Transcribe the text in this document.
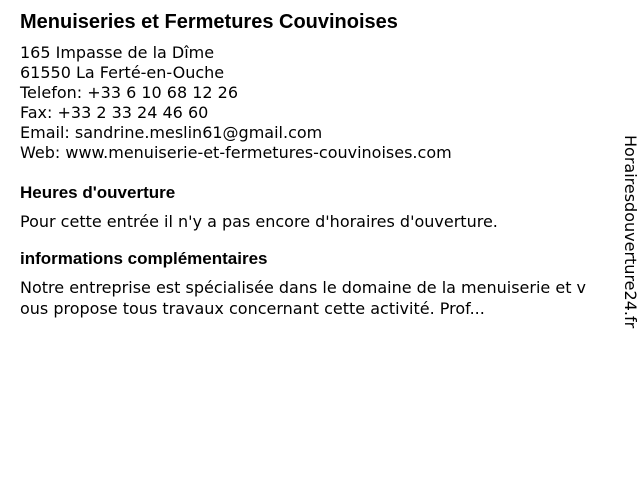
Menuiseries et Fermetures Couvinoises
165 Impasse de la Dîme
61550 La Ferté-en-Ouche
Telefon: +33 6 10 68 12 26
Fax: +33 2 33 24 46 60
Email: sandrine.meslin61@gmail.com
Web: www.menuiserie-et-fermetures-couvinoises.com
Heures d'ouverture
Pour cette entrée il n'y a pas encore d'horaires d'ouverture.
informations complémentaires
Notre entreprise est spécialisée dans le domaine de la menuiserie et vous propose tous travaux concernant cette activité. Prof...	Horairesdouverture24.fr
